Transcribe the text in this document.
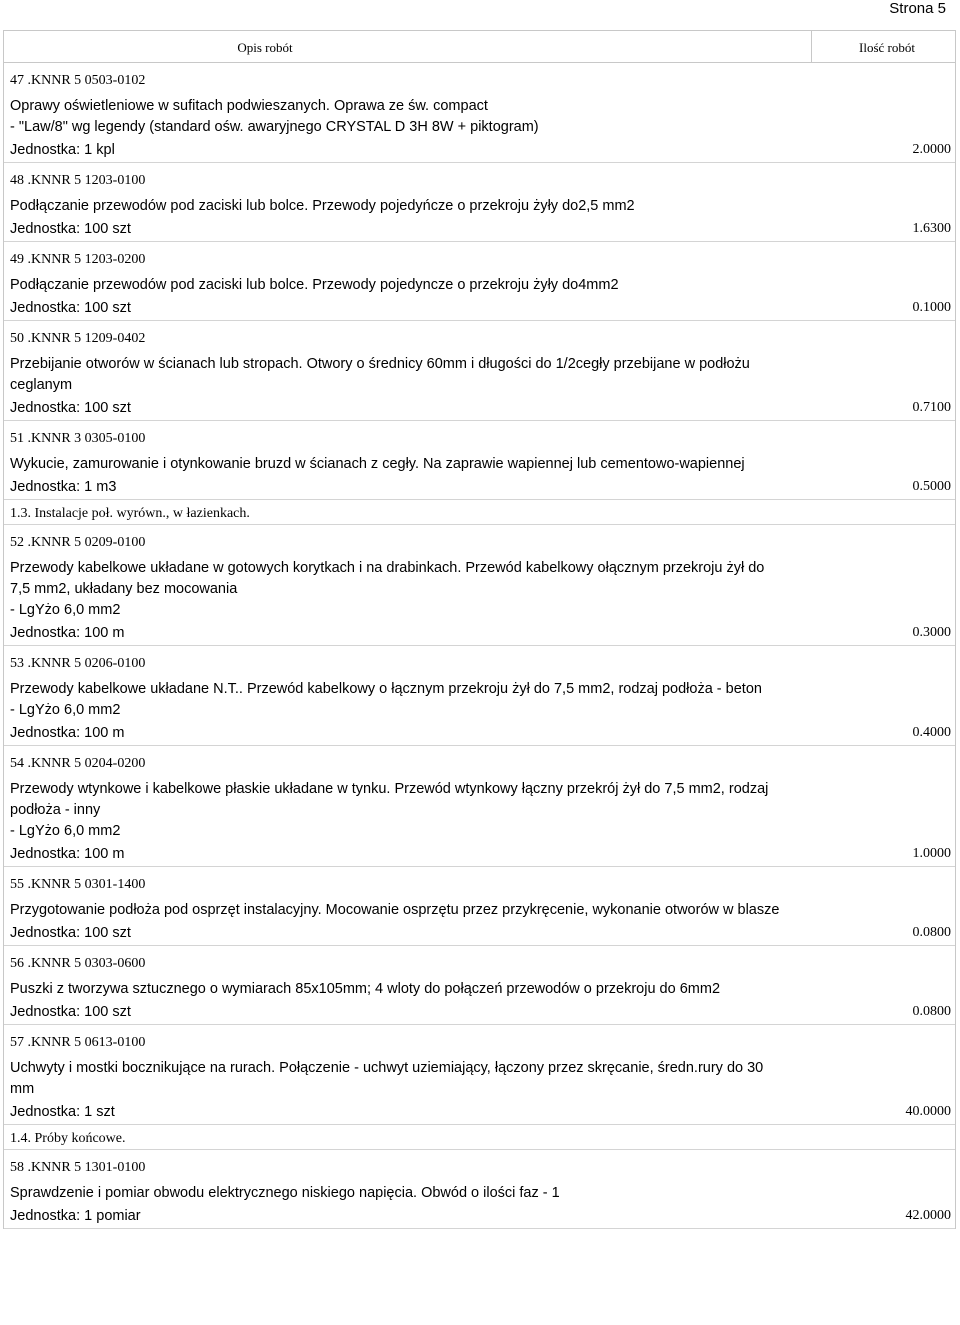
Strona 5
Opis robót	Ilość robót
47 .KNNR 5 0503-0102
Oprawy oświetleniowe w sufitach podwieszanych. Oprawa ze św. compact
- "Law/8" wg legendy (standard ośw. awaryjnego CRYSTAL D 3H 8W + piktogram)
Jednostka: 1 kpl	2.0000
48 .KNNR 5 1203-0100
Podłączanie przewodów pod zaciski lub bolce. Przewody pojedyńcze o przekroju żyły do2,5 mm2
Jednostka: 100 szt	1.6300
49 .KNNR 5 1203-0200
Podłączanie przewodów pod zaciski lub bolce. Przewody pojedyncze o przekroju żyły do4mm2
Jednostka: 100 szt	0.1000
50 .KNNR 5 1209-0402
Przebijanie otworów w ścianach lub stropach. Otwory o średnicy 60mm i długości do 1/2cegły przebijane w podłożu
ceglanym
Jednostka: 100 szt	0.7100
51 .KNNR 3 0305-0100
Wykucie, zamurowanie i otynkowanie bruzd w ścianach z cegły. Na zaprawie wapiennej lub cementowo-wapiennej
Jednostka: 1 m3	0.5000
1.3. Instalacje poł. wyrówn., w łazienkach.
52 .KNNR 5 0209-0100
Przewody kabelkowe układane w gotowych korytkach i na drabinkach. Przewód kabelkowy ołącznym przekroju żył do
7,5 mm2, układany bez mocowania
- LgYżo 6,0 mm2
Jednostka: 100 m	0.3000
53 .KNNR 5 0206-0100
Przewody kabelkowe układane N.T.. Przewód kabelkowy o łącznym przekroju żył do 7,5 mm2, rodzaj podłoża - beton
- LgYżo 6,0 mm2
Jednostka: 100 m	0.4000
54 .KNNR 5 0204-0200
Przewody wtynkowe i kabelkowe płaskie układane w tynku. Przewód wtynkowy łączny przekrój żył do 7,5 mm2, rodzaj
podłoża - inny
- LgYżo 6,0 mm2
Jednostka: 100 m	1.0000
55 .KNNR 5 0301-1400
Przygotowanie podłoża pod osprzęt instalacyjny. Mocowanie osprzętu przez przykręcenie, wykonanie otworów w blasze
Jednostka: 100 szt	0.0800
56 .KNNR 5 0303-0600
Puszki z tworzywa sztucznego o wymiarach 85x105mm; 4 wloty do połączeń przewodów o przekroju do 6mm2
Jednostka: 100 szt	0.0800
57 .KNNR 5 0613-0100
Uchwyty i mostki bocznikujące na rurach. Połączenie - uchwyt uziemiający, łączony przez skręcanie, średn.rury do 30
mm
Jednostka: 1 szt	40.0000
1.4. Próby końcowe.
58 .KNNR 5 1301-0100
Sprawdzenie i pomiar obwodu elektrycznego niskiego napięcia. Obwód o ilości faz - 1
Jednostka: 1 pomiar	42.0000
